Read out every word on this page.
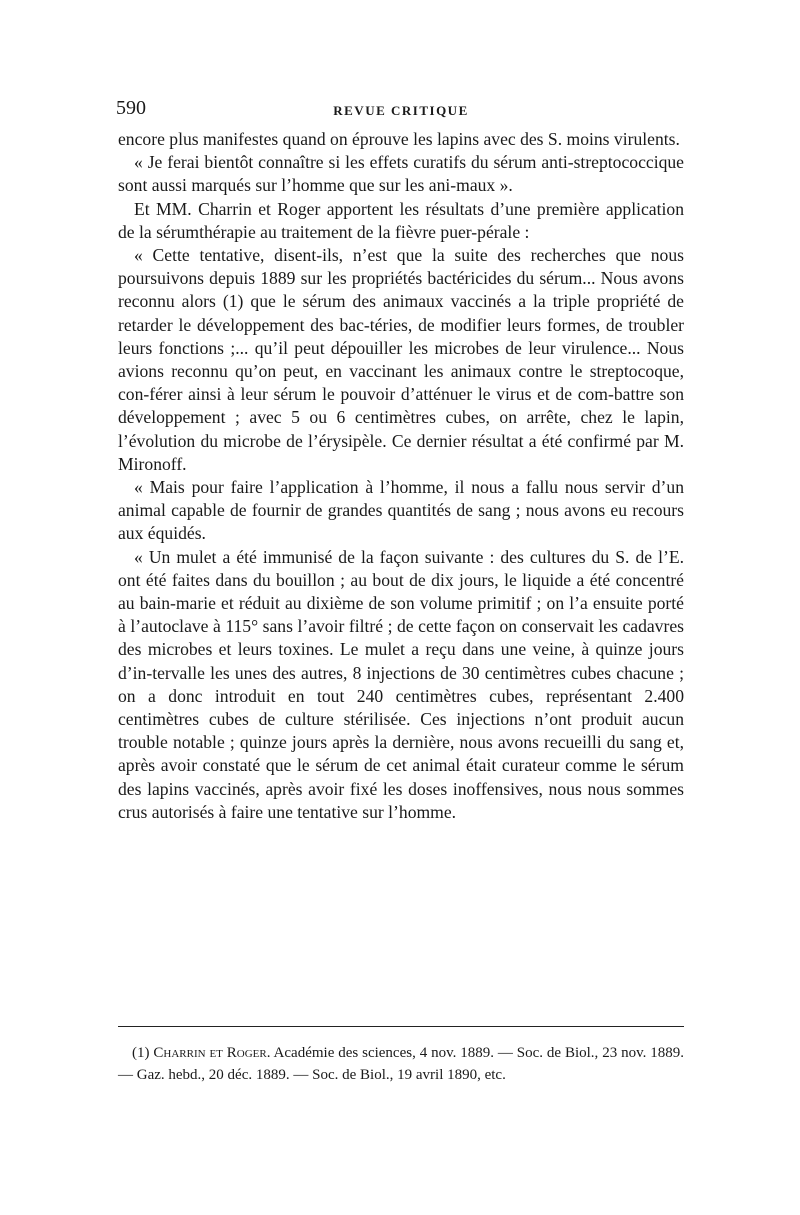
590	REVUE CRITIQUE

encore plus manifestes quand on éprouve les lapins avec des S. moins virulents.

« Je ferai bientôt connaître si les effets curatifs du sérum anti-streptococcique sont aussi marqués sur l’homme que sur les ani-maux ».

Et MM. Charrin et Roger apportent les résultats d’une première application de la sérumthérapie au traitement de la fièvre puer-pérale :

« Cette tentative, disent-ils, n’est que la suite des recherches que nous poursuivons depuis 1889 sur les propriétés bactéricides du sérum... Nous avons reconnu alors (1) que le sérum des animaux vaccinés a la triple propriété de retarder le développement des bac-téries, de modifier leurs formes, de troubler leurs fonctions ;... qu’il peut dépouiller les microbes de leur virulence... Nous avions reconnu qu’on peut, en vaccinant les animaux contre le streptocoque, con-férer ainsi à leur sérum le pouvoir d’atténuer le virus et de com-battre son développement ; avec 5 ou 6 centimètres cubes, on arrête, chez le lapin, l’évolution du microbe de l’érysipèle. Ce dernier résultat a été confirmé par M. Mironoff.

« Mais pour faire l’application à l’homme, il nous a fallu nous servir d’un animal capable de fournir de grandes quantités de sang ; nous avons eu recours aux équidés.

« Un mulet a été immunisé de la façon suivante : des cultures du S. de l’E. ont été faites dans du bouillon ; au bout de dix jours, le liquide a été concentré au bain-marie et réduit au dixième de son volume primitif ; on l’a ensuite porté à l’autoclave à 115° sans l’avoir filtré ; de cette façon on conservait les cadavres des microbes et leurs toxines. Le mulet a reçu dans une veine, à quinze jours d’in-tervalle les unes des autres, 8 injections de 30 centimètres cubes chacune ; on a donc introduit en tout 240 centimètres cubes, représentant 2.400 centimètres cubes de culture stérilisée. Ces injections n’ont produit aucun trouble notable ; quinze jours après la dernière, nous avons recueilli du sang et, après avoir constaté que le sérum de cet animal était curateur comme le sérum des lapins vaccinés, après avoir fixé les doses inoffensives, nous nous sommes crus autorisés à faire une tentative sur l’homme.

(1) Charrin et Roger. Académie des sciences, 4 nov. 1889. — Soc. de Biol., 23 nov. 1889. — Gaz. hebd., 20 déc. 1889. — Soc. de Biol., 19 avril 1890, etc.
